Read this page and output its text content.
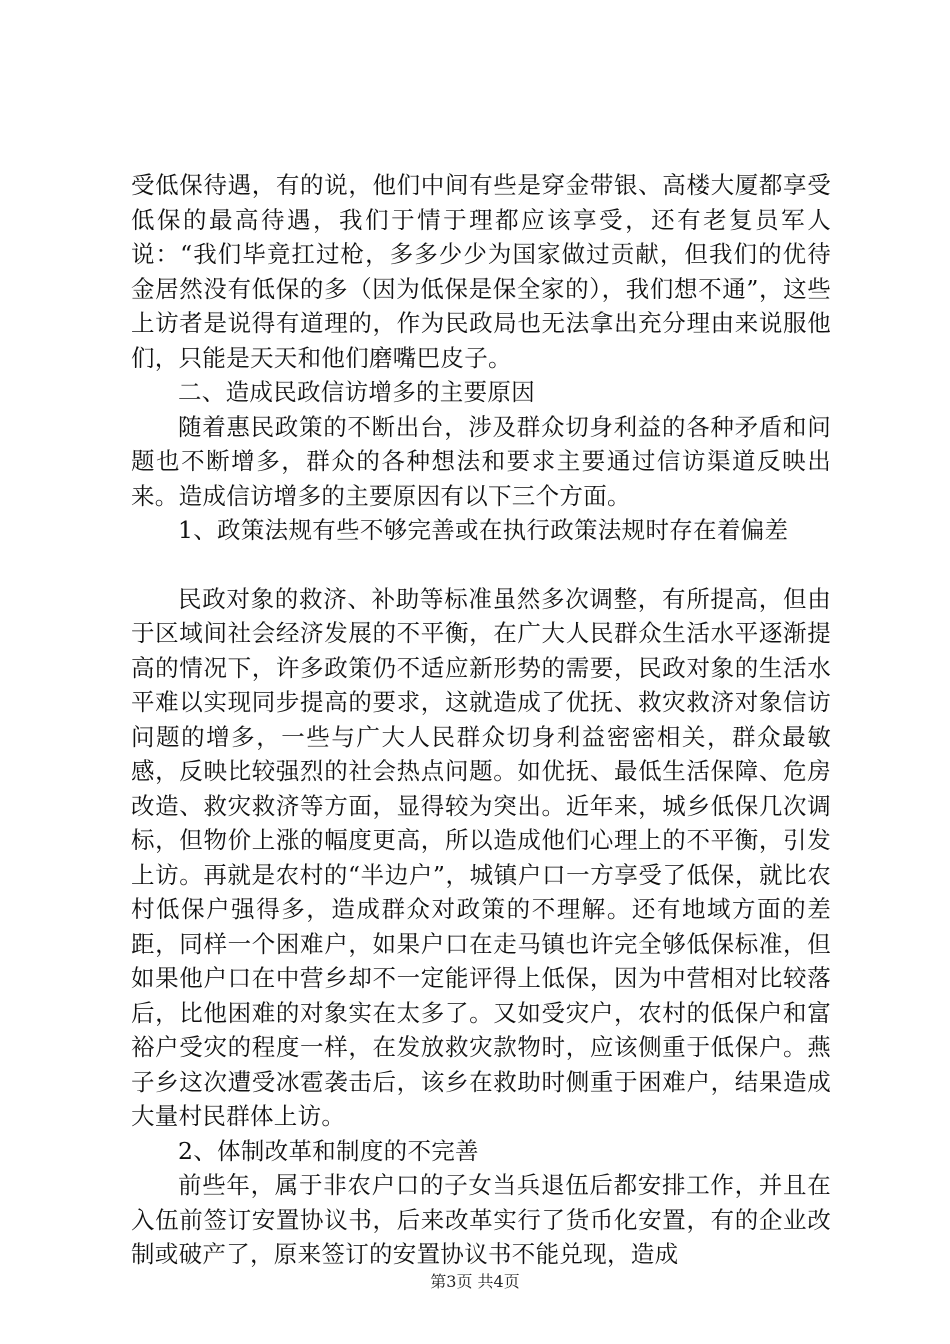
受低保待遇，有的说，他们中间有些是穿金带银、高楼大厦都享受低保的最高待遇，我们于情于理都应该享受，还有老复员军人说：“我们毕竟扛过枪，多多少少为国家做过贡献，但我们的优待金居然没有低保的多（因为低保是保全家的），我们想不通”，这些上访者是说得有道理的，作为民政局也无法拿出充分理由来说服他们，只能是天天和他们磨嘴巴皮子。

二、造成民政信访增多的主要原因

随着惠民政策的不断出台，涉及群众切身利益的各种矛盾和问题也不断增多，群众的各种想法和要求主要通过信访渠道反映出来。造成信访增多的主要原因有以下三个方面。

1、政策法规有些不够完善或在执行政策法规时存在着偏差

民政对象的救济、补助等标准虽然多次调整，有所提高，但由于区域间社会经济发展的不平衡，在广大人民群众生活水平逐渐提高的情况下，许多政策仍不适应新形势的需要，民政对象的生活水平难以实现同步提高的要求，这就造成了优抚、救灾救济对象信访问题的增多，一些与广大人民群众切身利益密密相关，群众最敏感，反映比较强烈的社会热点问题。如优抚、最低生活保障、危房改造、救灾救济等方面，显得较为突出。近年来，城乡低保几次调标，但物价上涨的幅度更高，所以造成他们心理上的不平衡，引发上访。再就是农村的“半边户”，城镇户口一方享受了低保，就比农村低保户强得多，造成群众对政策的不理解。还有地域方面的差距，同样一个困难户，如果户口在走马镇也许完全够低保标准，但如果他户口在中营乡却不一定能评得上低保，因为中营相对比较落后，比他困难的对象实在太多了。又如受灾户，农村的低保户和富裕户受灾的程度一样，在发放救灾款物时，应该侧重于低保户。燕子乡这次遭受冰雹袭击后，该乡在救助时侧重于困难户，结果造成大量村民群体上访。

2、体制改革和制度的不完善

前些年，属于非农户口的子女当兵退伍后都安排工作，并且在入伍前签订安置协议书，后来改革实行了货币化安置，有的企业改制或破产了，原来签订的安置协议书不能兑现，造成

第3页 共4页
